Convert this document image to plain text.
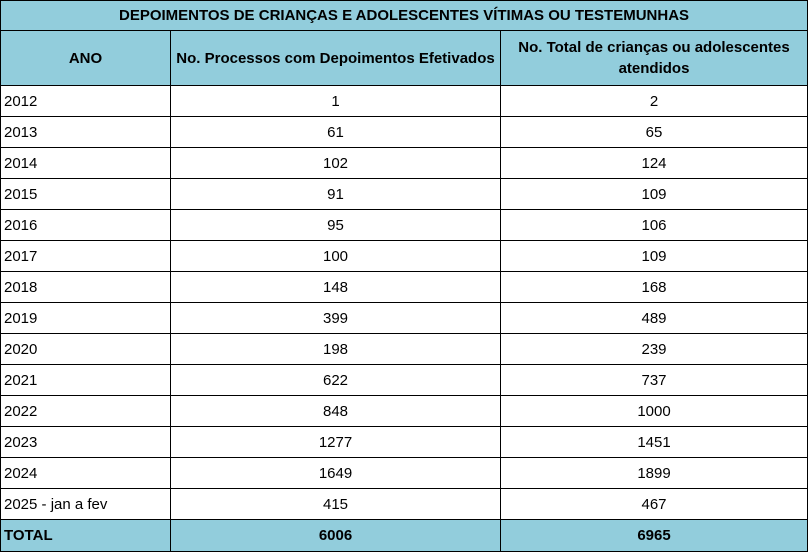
DEPOIMENTOS DE CRIANÇAS E ADOLESCENTES VÍTIMAS OU TESTEMUNHAS		
ANO	No. Processos com Depoimentos Efetivados	No. Total de crianças ou adolescentes atendidos
2012	1	2
2013	61	65
2014	102	124
2015	91	109
2016	95	106
2017	100	109
2018	148	168
2019	399	489
2020	198	239
2021	622	737
2022	848	1000
2023	1277	1451
2024	1649	1899
2025 - jan a fev	415	467
TOTAL	6006	6965
